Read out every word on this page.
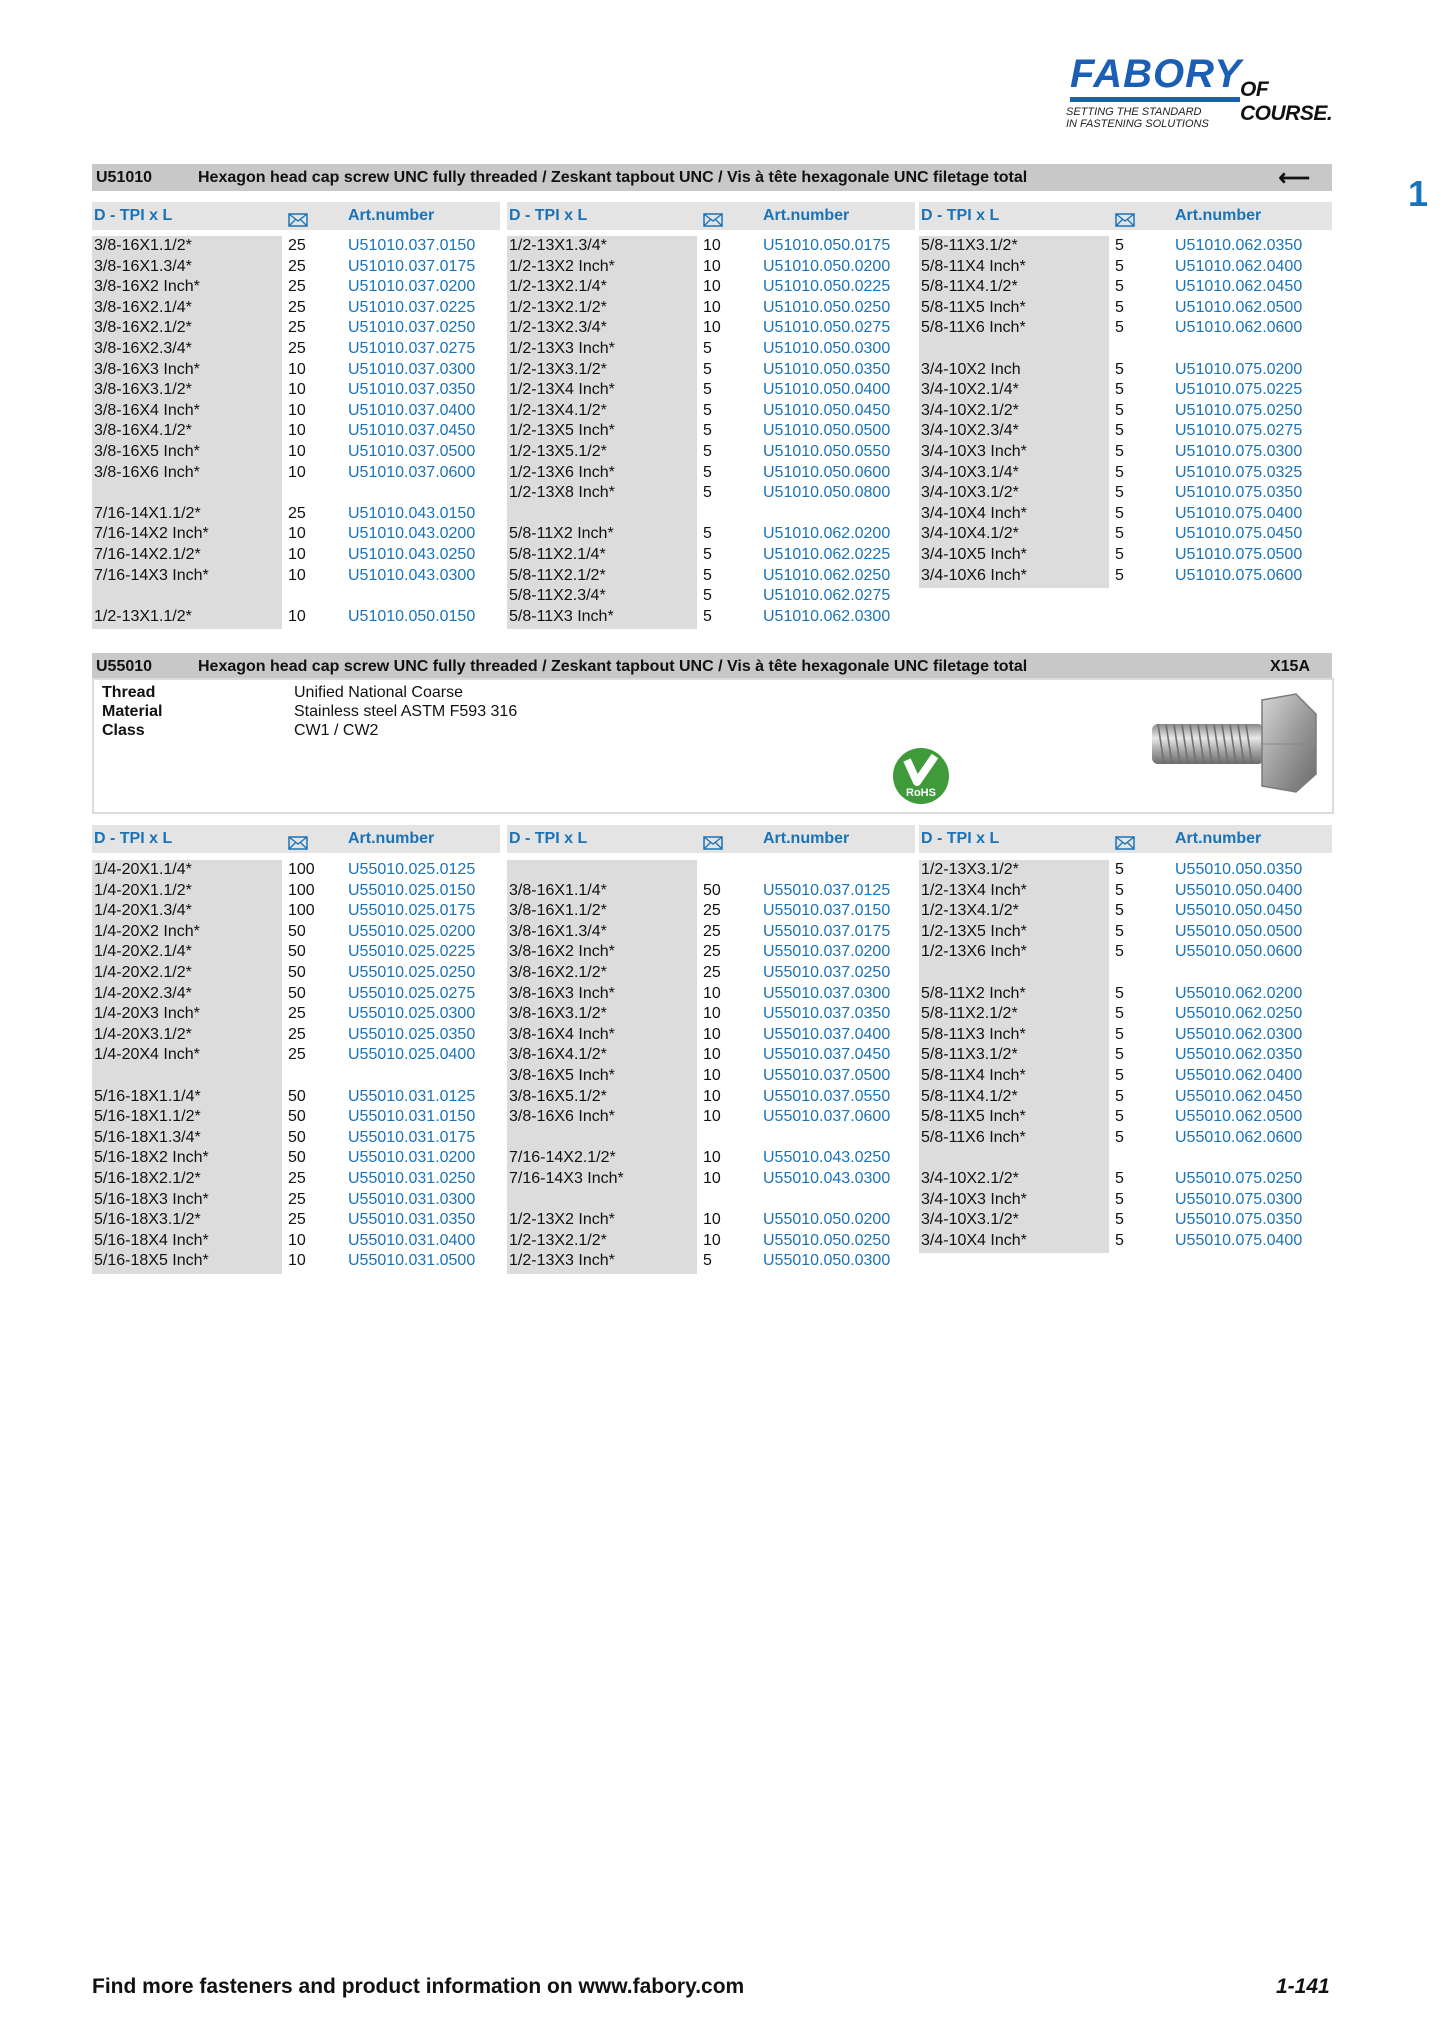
FABORY
OF COURSE.
SETTING THE STANDARD
IN FASTENING SOLUTIONS
1
U51010	Hexagon head cap screw UNC fully threaded / Zeskant tapbout UNC / Vis à tête hexagonale UNC filetage total	⟵
D - TPI x L	Art.number	D - TPI x L	Art.number	D - TPI x L	Art.number
3/8-16X1.1/2*	25	U51010.037.0150
3/8-16X1.3/4*	25	U51010.037.0175
3/8-16X2 Inch*	25	U51010.037.0200
3/8-16X2.1/4*	25	U51010.037.0225
3/8-16X2.1/2*	25	U51010.037.0250
3/8-16X2.3/4*	25	U51010.037.0275
3/8-16X3 Inch*	10	U51010.037.0300
3/8-16X3.1/2*	10	U51010.037.0350
3/8-16X4 Inch*	10	U51010.037.0400
3/8-16X4.1/2*	10	U51010.037.0450
3/8-16X5 Inch*	10	U51010.037.0500
3/8-16X6 Inch*	10	U51010.037.0600
7/16-14X1.1/2*	25	U51010.043.0150
7/16-14X2 Inch*	10	U51010.043.0200
7/16-14X2.1/2*	10	U51010.043.0250
7/16-14X3 Inch*	10	U51010.043.0300
1/2-13X1.1/2*	10	U51010.050.0150
1/2-13X1.3/4*	10	U51010.050.0175
1/2-13X2 Inch*	10	U51010.050.0200
1/2-13X2.1/4*	10	U51010.050.0225
1/2-13X2.1/2*	10	U51010.050.0250
1/2-13X2.3/4*	10	U51010.050.0275
1/2-13X3 Inch*	5	U51010.050.0300
1/2-13X3.1/2*	5	U51010.050.0350
1/2-13X4 Inch*	5	U51010.050.0400
1/2-13X4.1/2*	5	U51010.050.0450
1/2-13X5 Inch*	5	U51010.050.0500
1/2-13X5.1/2*	5	U51010.050.0550
1/2-13X6 Inch*	5	U51010.050.0600
1/2-13X8 Inch*	5	U51010.050.0800
5/8-11X2 Inch*	5	U51010.062.0200
5/8-11X2.1/4*	5	U51010.062.0225
5/8-11X2.1/2*	5	U51010.062.0250
5/8-11X2.3/4*	5	U51010.062.0275
5/8-11X3 Inch*	5	U51010.062.0300
5/8-11X3.1/2*	5	U51010.062.0350
5/8-11X4 Inch*	5	U51010.062.0400
5/8-11X4.1/2*	5	U51010.062.0450
5/8-11X5 Inch*	5	U51010.062.0500
5/8-11X6 Inch*	5	U51010.062.0600
3/4-10X2 Inch	5	U51010.075.0200
3/4-10X2.1/4*	5	U51010.075.0225
3/4-10X2.1/2*	5	U51010.075.0250
3/4-10X2.3/4*	5	U51010.075.0275
3/4-10X3 Inch*	5	U51010.075.0300
3/4-10X3.1/4*	5	U51010.075.0325
3/4-10X3.1/2*	5	U51010.075.0350
3/4-10X4 Inch*	5	U51010.075.0400
3/4-10X4.1/2*	5	U51010.075.0450
3/4-10X5 Inch*	5	U51010.075.0500
3/4-10X6 Inch*	5	U51010.075.0600
U55010	Hexagon head cap screw UNC fully threaded / Zeskant tapbout UNC / Vis à tête hexagonale UNC filetage total	X15A
Thread	Unified National Coarse
Material	Stainless steel ASTM F593 316
Class	CW1 / CW2
RoHS
D - TPI x L	Art.number	D - TPI x L	Art.number	D - TPI x L	Art.number
1/4-20X1.1/4*	100 U55010.025.0125
1/4-20X1.1/2*	100 U55010.025.0150
1/4-20X1.3/4*	100 U55010.025.0175
1/4-20X2 Inch*	50	U55010.025.0200
1/4-20X2.1/4*	50	U55010.025.0225
1/4-20X2.1/2*	50	U55010.025.0250
1/4-20X2.3/4*	50	U55010.025.0275
1/4-20X3 Inch*	25	U55010.025.0300
1/4-20X3.1/2*	25	U55010.025.0350
1/4-20X4 Inch*	25	U55010.025.0400
5/16-18X1.1/4*	50	U55010.031.0125
5/16-18X1.1/2*	50	U55010.031.0150
5/16-18X1.3/4*	50	U55010.031.0175
5/16-18X2 Inch*	50	U55010.031.0200
5/16-18X2.1/2*	25	U55010.031.0250
5/16-18X3 Inch*	25	U55010.031.0300
5/16-18X3.1/2*	25	U55010.031.0350
5/16-18X4 Inch*	10	U55010.031.0400
5/16-18X5 Inch*	10	U55010.031.0500
3/8-16X1.1/4*	50	U55010.037.0125
3/8-16X1.1/2*	25	U55010.037.0150
3/8-16X1.3/4*	25	U55010.037.0175
3/8-16X2 Inch*	25	U55010.037.0200
3/8-16X2.1/2*	25	U55010.037.0250
3/8-16X3 Inch*	10	U55010.037.0300
3/8-16X3.1/2*	10	U55010.037.0350
3/8-16X4 Inch*	10	U55010.037.0400
3/8-16X4.1/2*	10	U55010.037.0450
3/8-16X5 Inch*	10	U55010.037.0500
3/8-16X5.1/2*	10	U55010.037.0550
3/8-16X6 Inch*	10	U55010.037.0600
7/16-14X2.1/2*	10	U55010.043.0250
7/16-14X3 Inch*	10	U55010.043.0300
1/2-13X2 Inch*	10	U55010.050.0200
1/2-13X2.1/2*	10	U55010.050.0250
1/2-13X3 Inch*	5	U55010.050.0300
1/2-13X3.1/2*	5	U55010.050.0350
1/2-13X4 Inch*	5	U55010.050.0400
1/2-13X4.1/2*	5	U55010.050.0450
1/2-13X5 Inch*	5	U55010.050.0500
1/2-13X6 Inch*	5	U55010.050.0600
5/8-11X2 Inch*	5	U55010.062.0200
5/8-11X2.1/2*	5	U55010.062.0250
5/8-11X3 Inch*	5	U55010.062.0300
5/8-11X3.1/2*	5	U55010.062.0350
5/8-11X4 Inch*	5	U55010.062.0400
5/8-11X4.1/2*	5	U55010.062.0450
5/8-11X5 Inch*	5	U55010.062.0500
5/8-11X6 Inch*	5	U55010.062.0600
3/4-10X2.1/2*	5	U55010.075.0250
3/4-10X3 Inch*	5	U55010.075.0300
3/4-10X3.1/2*	5	U55010.075.0350
3/4-10X4 Inch*	5	U55010.075.0400
Find more fasteners and product information on www.fabory.com	1-141
